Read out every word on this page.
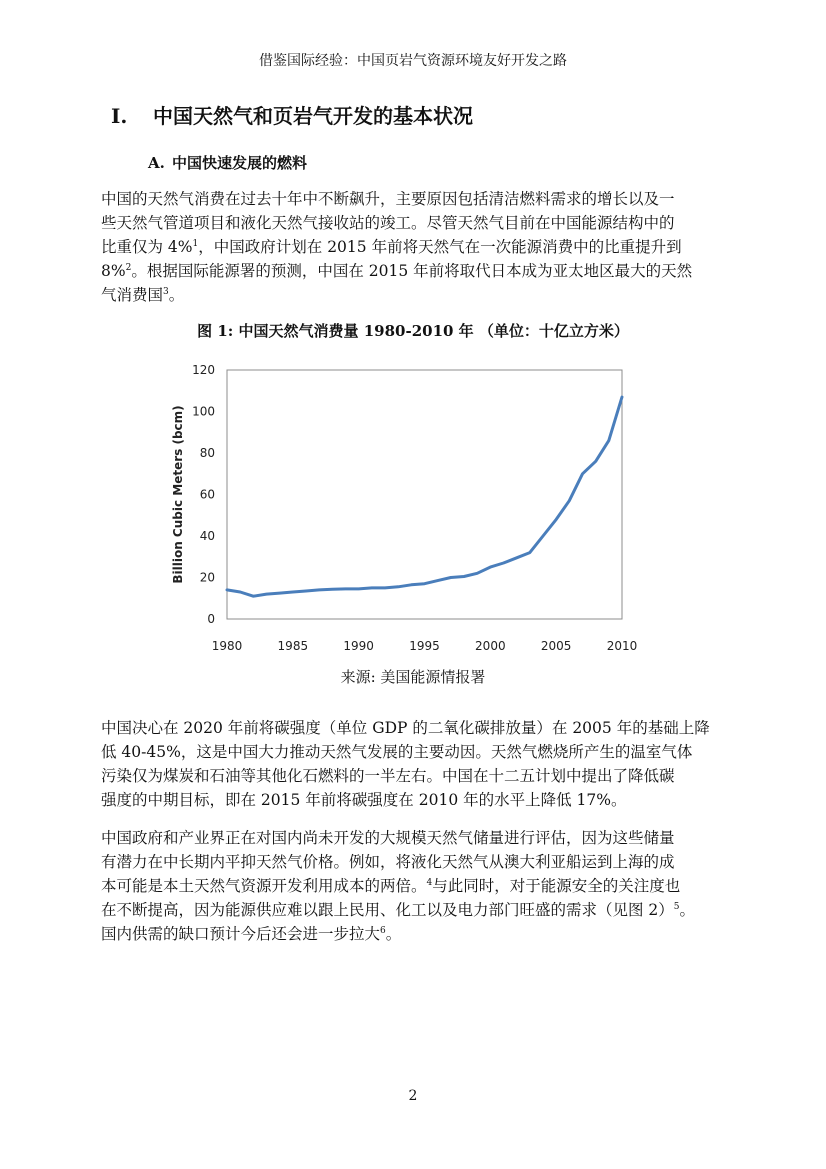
借鉴国际经验：中国页岩气资源环境友好开发之路
I. 中国天然气和页岩气开发的基本状况
A. 中国快速发展的燃料
中国的天然气消费在过去十年中不断飙升，主要原因包括清洁燃料需求的增长以及一
些天然气管道项目和液化天然气接收站的竣工。尽管天然气目前在中国能源结构中的
比重仅为 4%$^1$，中国政府计划在 2015 年前将天然气在一次能源消费中的比重提升到
8%$^2$。根据国际能源署的预测，中国在 2015 年前将取代日本成为亚太地区最大的天然
气消费国$^3$。
图 1: 中国天然气消费量 1980-2010 年 （单位：十亿立方米）
0
20
40
60
80
100
120
1980	1985	1990	1995	2000	2005	2010
Billion Cubic Meters (bcm)
来源: 美国能源情报署
中国决心在 2020 年前将碳强度（单位 GDP 的二氧化碳排放量）在 2005 年的基础上降
低 40-45%，这是中国大力推动天然气发展的主要动因。天然气燃烧所产生的温室气体
污染仅为煤炭和石油等其他化石燃料的一半左右。中国在十二五计划中提出了降低碳
强度的中期目标，即在 2015 年前将碳强度在 2010 年的水平上降低 17%。
中国政府和产业界正在对国内尚未开发的大规模天然气储量进行评估，因为这些储量
有潜力在中长期内平抑天然气价格。例如，将液化天然气从澳大利亚船运到上海的成
本可能是本土天然气资源开发利用成本的两倍。$^4$与此同时，对于能源安全的关注度也
在不断提高，因为能源供应难以跟上民用、化工以及电力部门旺盛的需求（见图 2）$^5$。
国内供需的缺口预计今后还会进一步拉大$^6$。
2
